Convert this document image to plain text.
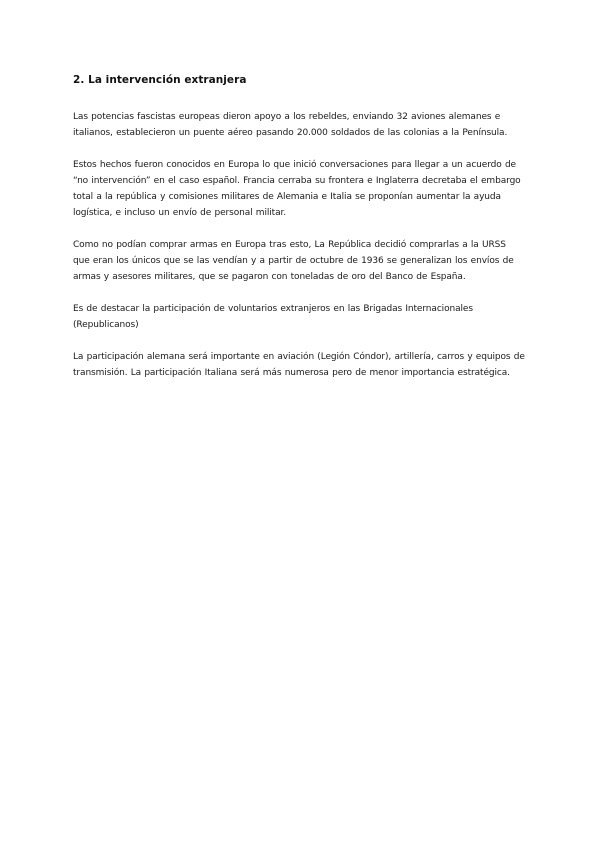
2. La intervención extranjera

Las potencias fascistas europeas dieron apoyo a los rebeldes, enviando 32 aviones alemanes e italianos, establecieron un puente aéreo pasando 20.000 soldados de las colonias a la Península.

Estos hechos fueron conocidos en Europa lo que inició conversaciones para llegar a un acuerdo de “no intervención” en el caso español. Francia cerraba su frontera e Inglaterra decretaba el embargo total a la república y comisiones militares de Alemania e Italia se proponían aumentar la ayuda logística, e incluso un envío de personal militar.

Como no podían comprar armas en Europa tras esto, La República decidió comprarlas a la URSS que eran los únicos que se las vendían y a partir de octubre de 1936 se generalizan los envíos de armas y asesores militares, que se pagaron con toneladas de oro del Banco de España.

Es de destacar la participación de voluntarios extranjeros en las Brigadas Internacionales (Republicanos)

La participación alemana será importante en aviación (Legión Cóndor), artillería, carros y equipos de transmisión. La participación Italiana será más numerosa pero de menor importancia estratégica.
